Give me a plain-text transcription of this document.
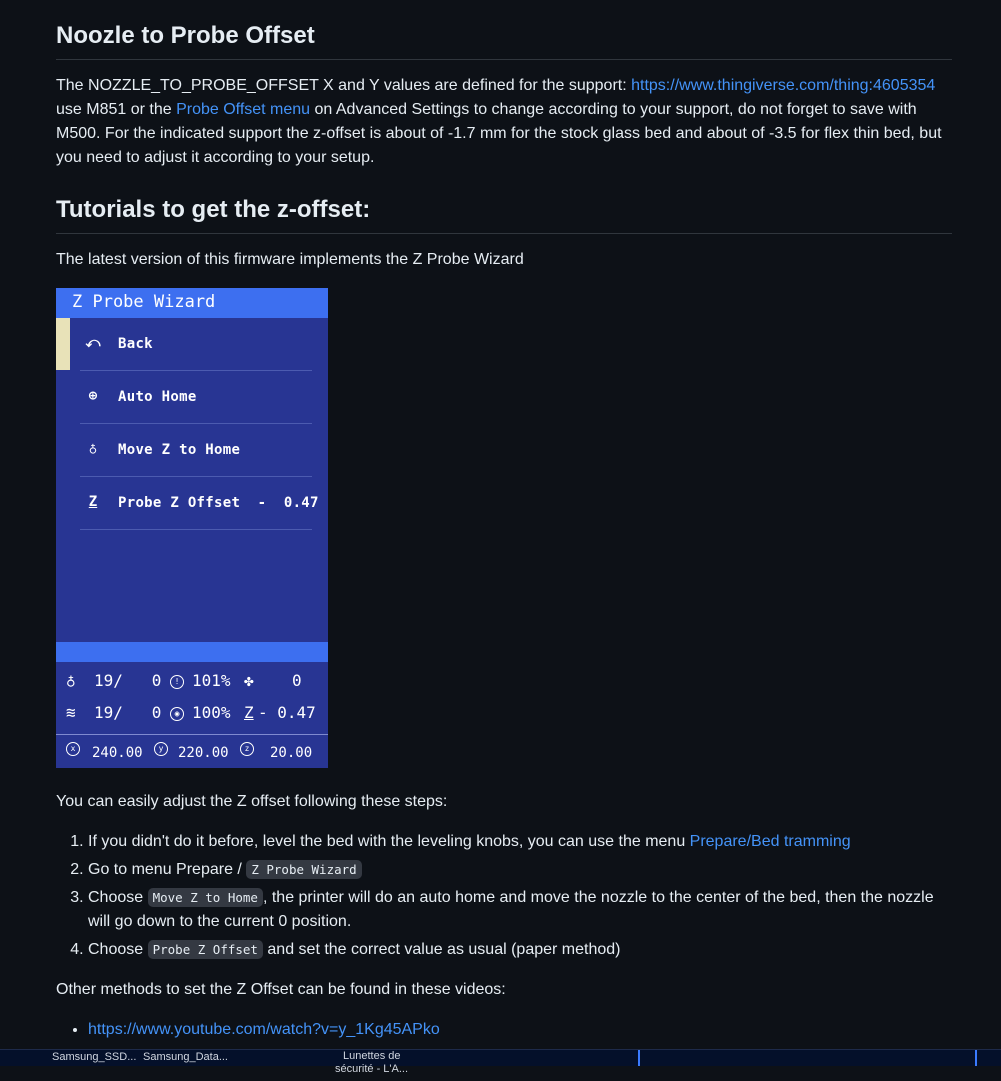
Noozle to Probe Offset

The NOZZLE_TO_PROBE_OFFSET X and Y values are defined for the support: https://www.thingiverse.com/thing:4605354 use M851 or the Probe Offset menu on Advanced Settings to change according to your support, do not forget to save with M500. For the indicated support the z-offset is about of -1.7 mm for the stock glass bed and about of -3.5 for flex thin bed, but you need to adjust it according to your setup.

Tutorials to get the z-offset:

The latest version of this firmware implements the Z Probe Wizard

You can easily adjust the Z offset following these steps:

1. If you didn't do it before, level the bed with the leveling knobs, you can use the menu Prepare/Bed tramming
2. Go to menu Prepare / Z Probe Wizard
3. Choose Move Z to Home , the printer will do an auto home and move the nozzle to the center of the bed, then the nozzle will go down to the current 0 position.
4. Choose Probe Z Offset and set the correct value as usual (paper method)

Other methods to set the Z Offset can be found in these videos:

• https://www.youtube.com/watch?v=y_1Kg45APko
Z Probe Wizard
⤺ Back
⊕	Auto Home
♁	Move Z to Home
Z	Probe Z Offset  -  0.47
♁ 19/   0	! 101% ✤ 0
≋ 19/   0	◉ 100% Z - 0.47
x	240.00	y	220.00	z	20.00
Samsung_SSD... Samsung_Data...	Lunettes de
sécurité - L'A...
